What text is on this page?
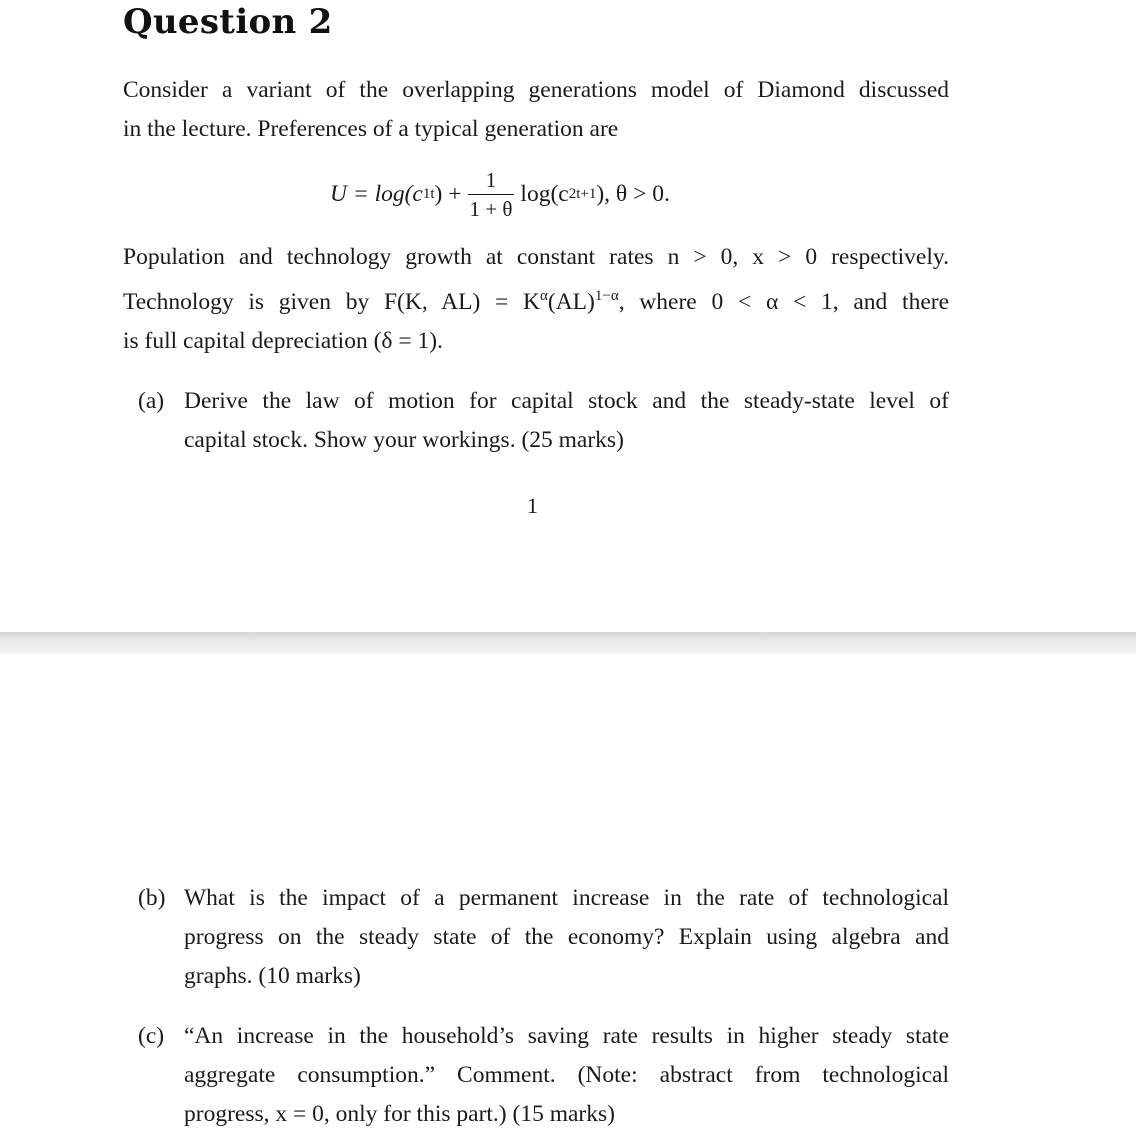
Question 2
Consider a variant of the overlapping generations model of Diamond discussed
in the lecture. Preferences of a typical generation are
U = log(c 1t ) + $\frac{1}{1 + \theta} \log(c$ 2t+1 ), θ > 0.
Population and technology growth at constant rates n > 0, x > 0 respectively.
Technology is given by F(K, $AL) = K^\alpha(AL)^{1-\alpha}$, where 0 < α < 1, and there
is full capital depreciation (δ = 1).
(a) Derive the law of motion for capital stock and the steady-state level of
capital stock. Show your workings. (25 marks)
1
(b) What is the impact of a permanent increase in the rate of technological
progress on the steady state of the economy? Explain using algebra and
graphs. (10 marks)
(c) “An increase in the household’s saving rate results in higher steady state
aggregate consumption.” Comment. (Note: abstract from technological
progress, x = 0, only for this part.) (15 marks)
